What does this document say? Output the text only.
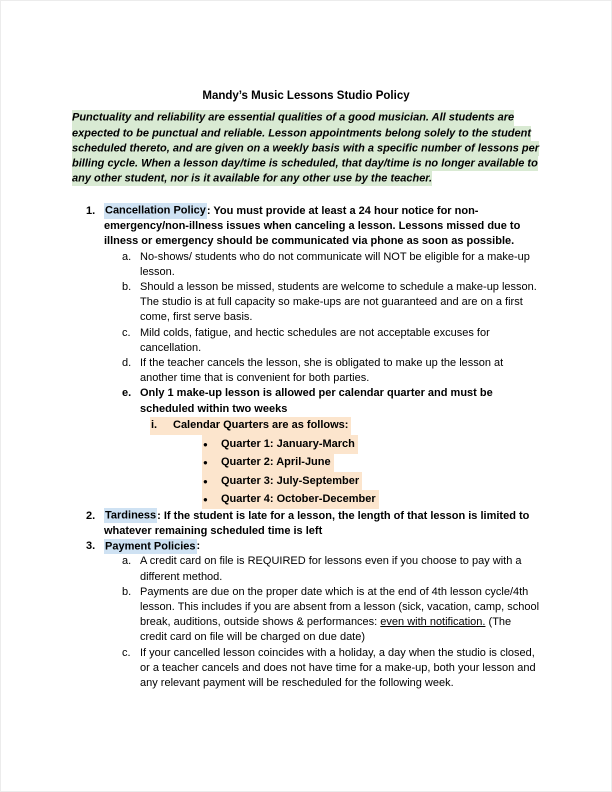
Mandy’s Music Lessons Studio Policy

Punctuality and reliability are essential qualities of a good musician. All students are expected to be punctual and reliable. Lesson appointments belong solely to the student scheduled thereto, and are given on a weekly basis with a specific number of lessons per billing cycle. When a lesson day/time is scheduled, that day/time is no longer available to any other student, nor is it available for any other use by the teacher.

1. Cancellation Policy: You must provide at least a 24 hour notice for non-emergency/non-illness issues when canceling a lesson. Lessons missed due to illness or emergency should be communicated via phone as soon as possible.
a. No-shows/ students who do not communicate will NOT be eligible for a make-up lesson.
b. Should a lesson be missed, students are welcome to schedule a make-up lesson. The studio is at full capacity so make-ups are not guaranteed and are on a first come, first serve basis.
c. Mild colds, fatigue, and hectic schedules are not acceptable excuses for cancellation.
d. If the teacher cancels the lesson, she is obligated to make up the lesson at another time that is convenient for both parties.
e. Only 1 make-up lesson is allowed per calendar quarter and must be scheduled within two weeks
i.	Calendar Quarters are as follows:
●	Quarter 1: January-March
●	Quarter 2: April-June
●	Quarter 3: July-September
●	Quarter 4: October-December
2. Tardiness: If the student is late for a lesson, the length of that lesson is limited to whatever remaining scheduled time is left
3. Payment Policies:
a. A credit card on file is REQUIRED for lessons even if you choose to pay with a different method.
b. Payments are due on the proper date which is at the end of 4th lesson cycle/4th lesson. This includes if you are absent from a lesson (sick, vacation, camp, school break, auditions, outside shows & performances: even with notification. (The credit card on file will be charged on due date)
c. If your cancelled lesson coincides with a holiday, a day when the studio is closed, or a teacher cancels and does not have time for a make-up, both your lesson and any relevant payment will be rescheduled for the following week.
